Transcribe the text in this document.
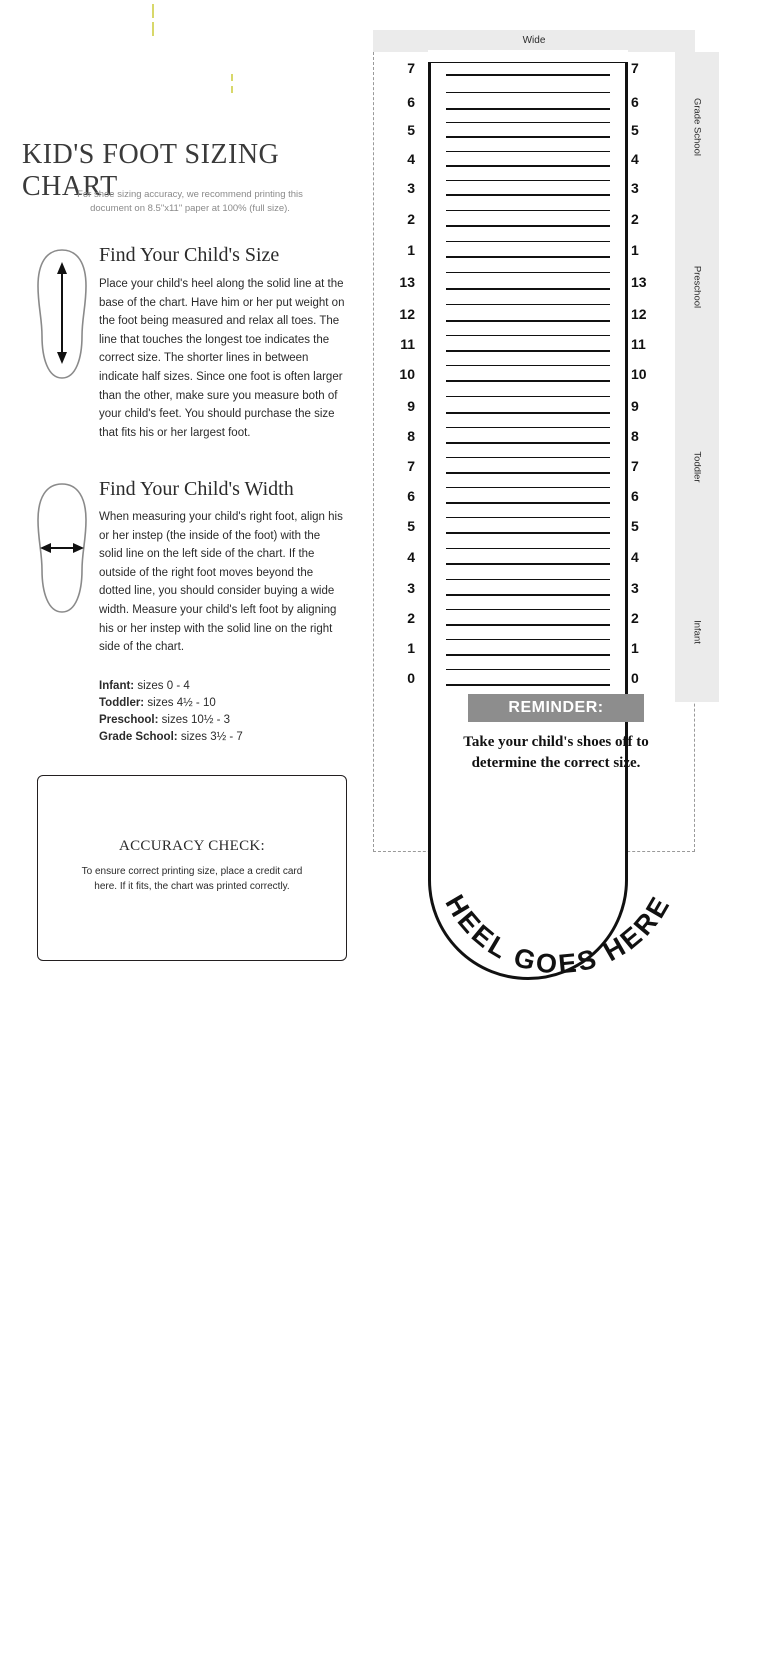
KID'S FOOT SIZING CHART
For shoe sizing accuracy, we recommend printing this document on 8.5"x11" paper at 100% (full size).
Find Your Child's Size
Place your child's heel along the solid line at the base of the chart. Have him or her put weight on the foot being measured and relax all toes. The line that touches the longest toe indicates the correct size. The shorter lines in between indicate half sizes. Since one foot is often larger than the other, make sure you measure both of your child's feet. You should purchase the size that fits his or her largest foot.
Find Your Child's Width
When measuring your child's right foot, align his or her instep (the inside of the foot) with the solid line on the left side of the chart. If the outside of the right foot moves beyond the dotted line, you should consider buying a wide width. Measure your child's left foot by aligning his or her instep with the solid line on the right side of the chart.
Infant: sizes 0 - 4
Toddler: sizes 4½ - 10
Preschool: sizes 10½ - 3
Grade School: sizes 3½ - 7
ACCURACY CHECK:
To ensure correct printing size, place a credit card here. If it fits, the chart was printed correctly.
Wide
Grade School
Preschool
Toddler
Infant
7
6
5
4
3
2
1
13
12
11
10
9
8
7
6
5
4
3
2
1
0
7
6
5
4
3
2
1
13
12
11
10
9
8
7
6
5
4
3
2
1
0
REMINDER:
Take your child's shoes off to determine the correct size.
HEEL GOES HERE
